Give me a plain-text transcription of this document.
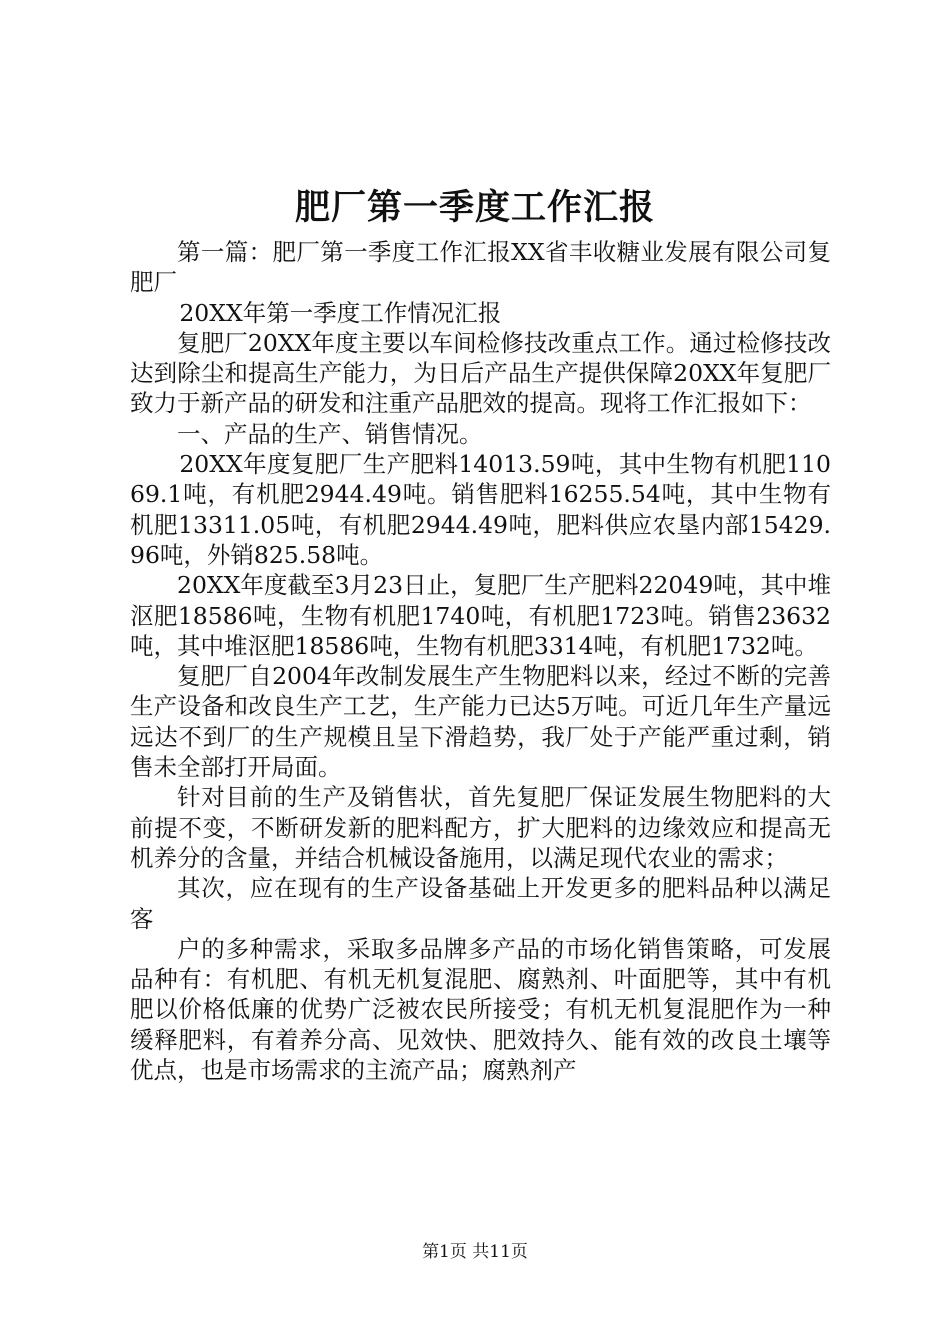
肥厂第一季度工作汇报

第一篇：肥厂第一季度工作汇报XX省丰收糖业发展有限公司复肥厂

20XX年第一季度工作情况汇报

复肥厂20XX年度主要以车间检修技改重点工作。通过检修技改达到除尘和提高生产能力，为日后产品生产提供保障20XX年复肥厂致力于新产品的研发和注重产品肥效的提高。现将工作汇报如下：

一、产品的生产、销售情况。

20XX年度复肥厂生产肥料14013.59吨，其中生物有机肥11069.1吨，有机肥2944.49吨。销售肥料16255.54吨，其中生物有机肥13311.05吨，有机肥2944.49吨，肥料供应农垦内部15429.96吨，外销825.58吨。

20XX年度截至3月23日止，复肥厂生产肥料22049吨，其中堆沤肥18586吨，生物有机肥1740吨，有机肥1723吨。销售23632吨，其中堆沤肥18586吨，生物有机肥3314吨，有机肥1732吨。

复肥厂自2004年改制发展生产生物肥料以来，经过不断的完善生产设备和改良生产工艺，生产能力已达5万吨。可近几年生产量远远达不到厂的生产规模且呈下滑趋势，我厂处于产能严重过剩，销售未全部打开局面。

针对目前的生产及销售状，首先复肥厂保证发展生物肥料的大前提不变，不断研发新的肥料配方，扩大肥料的边缘效应和提高无机养分的含量，并结合机械设备施用，以满足现代农业的需求；

其次，应在现有的生产设备基础上开发更多的肥料品种以满足客

户的多种需求，采取多品牌多产品的市场化销售策略，可发展品种有：有机肥、有机无机复混肥、腐熟剂、叶面肥等，其中有机肥以价格低廉的优势广泛被农民所接受；有机无机复混肥作为一种缓释肥料，有着养分高、见效快、肥效持久、能有效的改良土壤等优点，也是市场需求的主流产品；腐熟剂产

第1页 共11页
